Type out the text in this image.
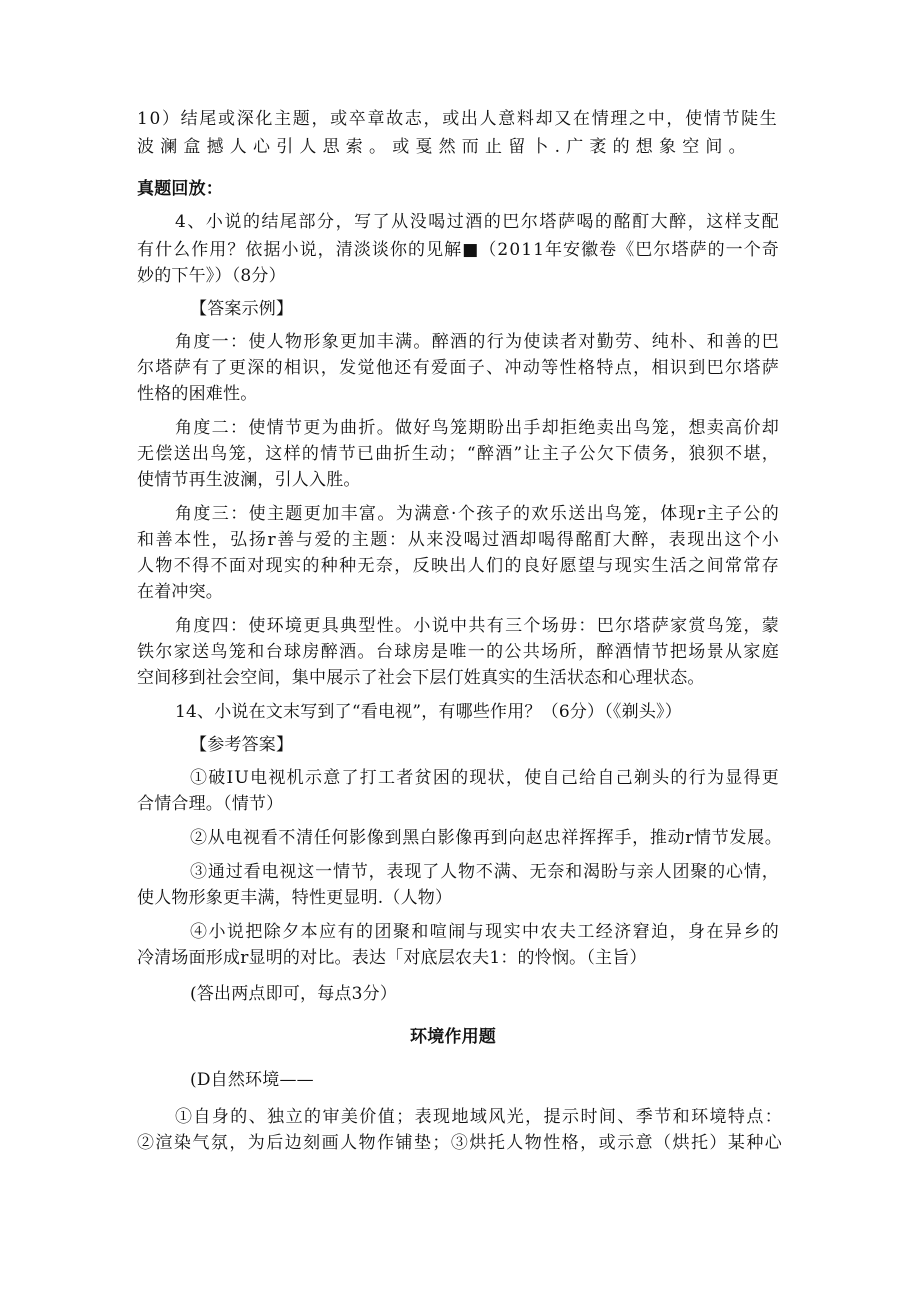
10）结尾或深化主题，或卒章故志，或出人意料却又在情理之中，使情节陡生
波澜盒撼人心引人思索。或戛然而止留卜.广袤的想象空间。
真题回放：
4、小说的结尾部分，写了从没喝过酒的巴尔塔萨喝的酩酊大醉，这样支配
有什么作用？依据小说，清淡谈你的见解■（2011年安徽卷《巴尔塔萨的一个奇
妙的下午》）（8分）
【答案示例】
角度一：使人物形象更加丰满。醉酒的行为使读者对勤劳、纯朴、和善的巴
尔塔萨有了更深的相识，发觉他还有爱面子、冲动等性格特点，相识到巴尔塔萨
性格的困难性。
角度二：使情节更为曲折。做好鸟笼期盼出手却拒绝卖出鸟笼，想卖高价却
无偿送出鸟笼，这样的情节已曲折生动；“醉酒”让主子公欠下债务，狼狈不堪，
使情节再生波澜，引人入胜。
角度三：使主题更加丰富。为满意·个孩子的欢乐送出鸟笼，体现r主子公的
和善本性，弘扬r善与爱的主题：从来没喝过酒却喝得酩酊大醉，表现出这个小
人物不得不面对现实的种种无奈，反映出人们的良好愿望与现实生活之间常常存
在着冲突。
角度四：使环境更具典型性。小说中共有三个场毋：巴尔塔萨家赏鸟笼，蒙
铁尔家送鸟笼和台球房醉酒。台球房是唯一的公共场所，醉酒情节把场景从家庭
空间移到社会空间，集中展示了社会下层仃姓真实的生活状态和心理状态。
14、小说在文末写到了“看电视”，有哪些作用？（6分）（《剃头》）
【参考答案】
①破IU电视机示意了打工者贫困的现状，使自己给自己剃头的行为显得更
合情合理。（情节）
②从电视看不清任何影像到黑白影像再到向赵忠祥挥挥手，推动r情节发展。
③通过看电视这一情节，表现了人物不满、无奈和渴盼与亲人团聚的心情，
使人物形象更丰满，特性更显明.（人物）
④小说把除夕本应有的团聚和喧闹与现实中农夫工经济窘迫，身在异乡的
冷清场面形成r显明的对比。表达「对底层农夫1：的怜悯。（主旨）
(答出两点即可，每点3分）
环境作用题
(D自然环境——
①自身的、独立的审美价值；表现地域风光，提示时间、季节和环境特点：
②渲染气氛，为后边刻画人物作铺垫；③烘托人物性格，或示意（烘托）某种心
